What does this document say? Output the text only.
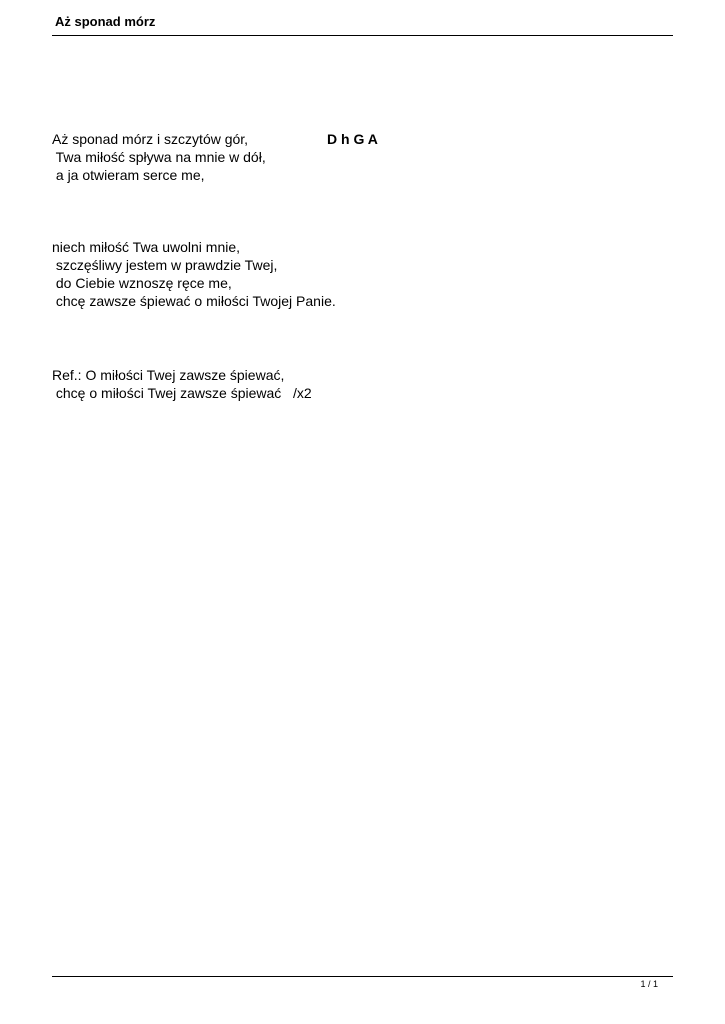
Aż sponad mórz
Aż sponad mórz i szczytów gór,
Twa miłość spływa na mnie w dół,
a ja otwieram serce me,
D h G A
niech miłość Twa uwolni mnie,
szczęśliwy jestem w prawdzie Twej,
do Ciebie wznoszę ręce me,
chcę zawsze śpiewać o miłości Twojej Panie.
Ref.: O miłości Twej zawsze śpiewać,
chcę o miłości Twej zawsze śpiewać   /x2
1 / 1
